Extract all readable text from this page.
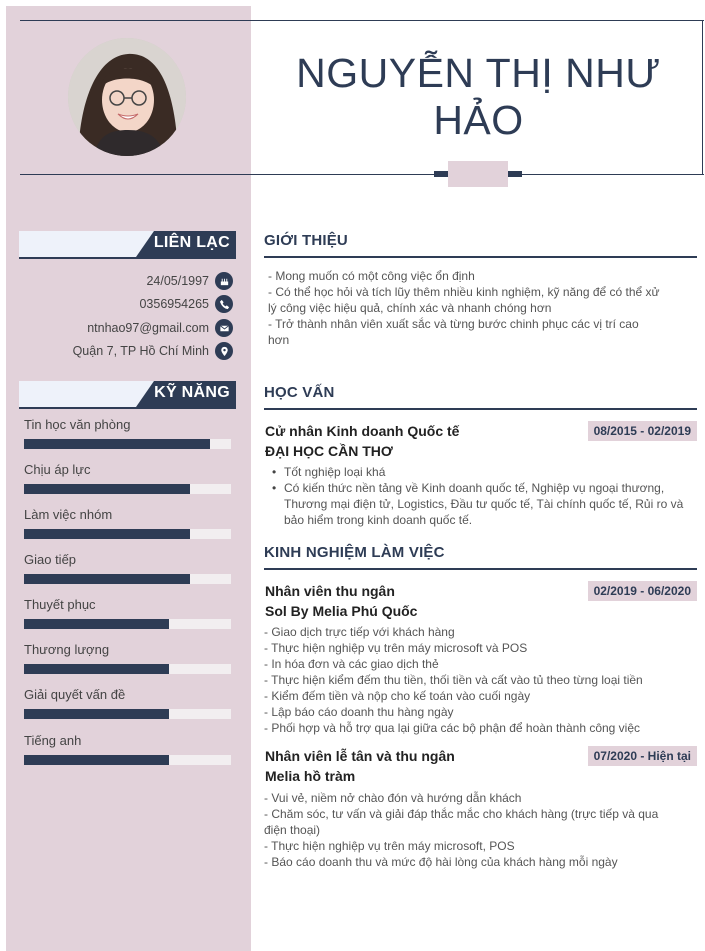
NGUYỄN THỊ NHƯ HẢO
LIÊN LẠC
24/05/1997
0356954265
ntnhao97@gmail.com
Quận 7, TP Hồ Chí Minh
KỸ NĂNG
Tin học văn phòng
Chịu áp lực
Làm việc nhóm
Giao tiếp
Thuyết phục
Thương lượng
Giải quyết vấn đề
Tiếng anh
GIỚI THIỆU
- Mong muốn có một công việc ổn định
- Có thể học hỏi và tích lũy thêm nhiều kinh nghiệm, kỹ năng để có thể xử
lý công việc hiệu quả, chính xác và nhanh chóng hơn
- Trở thành nhân viên xuất sắc và từng bước chinh phục các vị trí cao
hơn
HỌC VẤN
Cử nhân Kinh doanh Quốc tế	08/2015 - 02/2019
ĐẠI HỌC CẦN THƠ
• Tốt nghiệp loại khá
• Có kiến thức nền tảng về Kinh doanh quốc tế, Nghiệp vụ ngoại thương, Thương mại điện tử, Logistics, Đầu tư quốc tế, Tài chính quốc tế, Rủi ro và bảo hiểm trong kinh doanh quốc tế.
KINH NGHIỆM LÀM VIỆC
Nhân viên thu ngân	02/2019 - 06/2020
Sol By Melia Phú Quốc
- Giao dịch trực tiếp với khách hàng
- Thực hiện nghiệp vụ trên máy microsoft và POS
- In hóa đơn và các giao dịch thẻ
- Thực hiện kiểm đếm thu tiền, thối tiền và cất vào tủ theo từng loại tiền
- Kiểm đếm tiền và nộp cho kế toán vào cuối ngày
- Lập báo cáo doanh thu hàng ngày
- Phối hợp và hỗ trợ qua lại giữa các bộ phận để hoàn thành công việc
Nhân viên lễ tân và thu ngân	07/2020 - Hiện tại
Melia hồ tràm
- Vui vẻ, niềm nở chào đón và hướng dẫn khách
- Chăm sóc, tư vấn và giải đáp thắc mắc cho khách hàng (trực tiếp và qua
điện thoại)
- Thực hiện nghiệp vụ trên máy microsoft, POS
- Báo cáo doanh thu và mức độ hài lòng của khách hàng mỗi ngày
